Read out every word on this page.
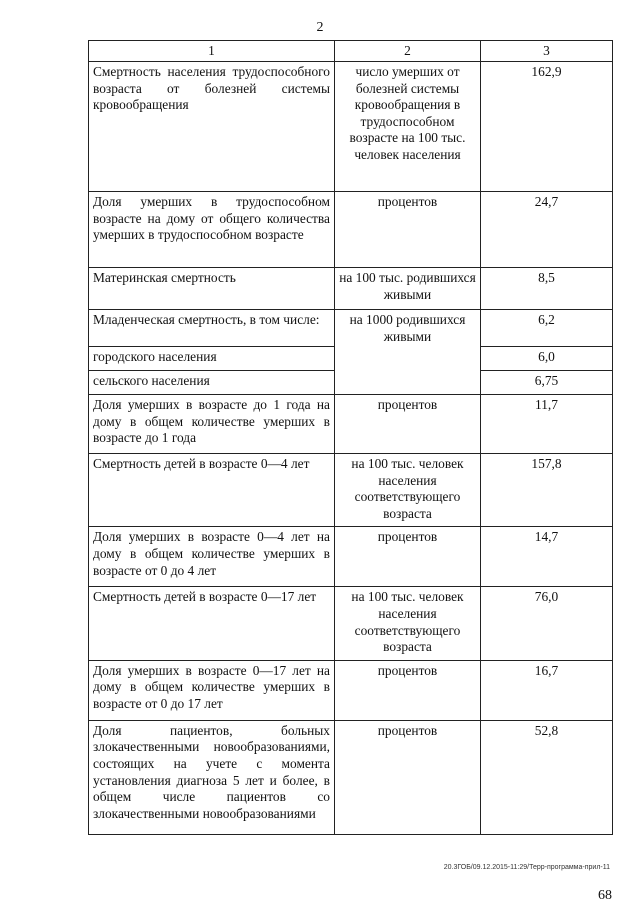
2
1	2	3
Смертность населения трудоспособного возраста от болезней системы кровообращения	число умерших от болезней системы кровообращения в трудоспособном возрасте на 100 тыс. человек населения	162,9
Доля умерших в трудоспособном возрасте на дому от общего количества умерших в трудоспособном возрасте	процентов	24,7
Материнская смертность	на 100 тыс. родившихся живыми	8,5
Младенческая смертность, в том числе:	на 1000 родившихся живыми	6,2
городского населения		6,0
сельского населения		6,75
Доля умерших в возрасте до 1 года на дому в общем количестве умерших в возрасте до 1 года	процентов	11,7
Смертность детей в возрасте 0—4 лет	на 100 тыс. человек населения соответствующего возраста	157,8
Доля умерших в возрасте 0—4 лет на дому в общем количестве умерших в возрасте от 0 до 4 лет	процентов	14,7
Смертность детей в возрасте 0—17 лет	на 100 тыс. человек населения соответствующего возраста	76,0
Доля умерших в возрасте 0—17 лет на дому в общем количестве умерших в возрасте от 0 до 17 лет	процентов	16,7
Доля пациентов, больных злокачественными новообразованиями, состоящих на учете с момента установления диагноза 5 лет и более, в общем числе пациентов со злокачественными новообразованиями	процентов	52,8
20.3ГОБ/09.12.2015-11:29/Терр-программа-прил-11
68
